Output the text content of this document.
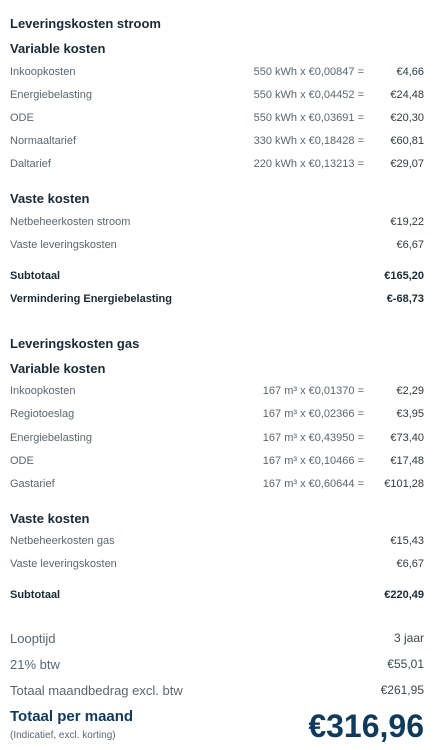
Leveringskosten stroom
Variable kosten
Inkoopkosten	550 kWh x €0,00847 =	€4,66
Energiebelasting	550 kWh x €0,04452 = €24,48
ODE	550 kWh x €0,03691 = €20,30
Normaaltarief	330 kWh x €0,18428 = €60,81
Daltarief	220 kWh x €0,13213 = €29,07
Vaste kosten
Netbeheerkosten stroom	€19,22
Vaste leveringskosten	€6,67
Subtotaal	€165,20
Vermindering Energiebelasting	€-68,73
Leveringskosten gas
Variable kosten
Inkoopkosten	167 m³ x €0,01370 =	€2,29
Regiotoeslag	167 m³ x €0,02366 =	€3,95
Energiebelasting	167 m³ x €0,43950 = €73,40
ODE	167 m³ x €0,10466 = €17,48
Gastarief	167 m³ x €0,60644 = €101,28
Vaste kosten
Netbeheerkosten gas	€15,43
Vaste leveringskosten	€6,67
Subtotaal	€220,49
Looptijd	3 jaar
21% btw	€55,01
Totaal maandbedrag excl. btw	€261,95
Totaal per maand
(Indicatief, excl. korting)	€316,96
